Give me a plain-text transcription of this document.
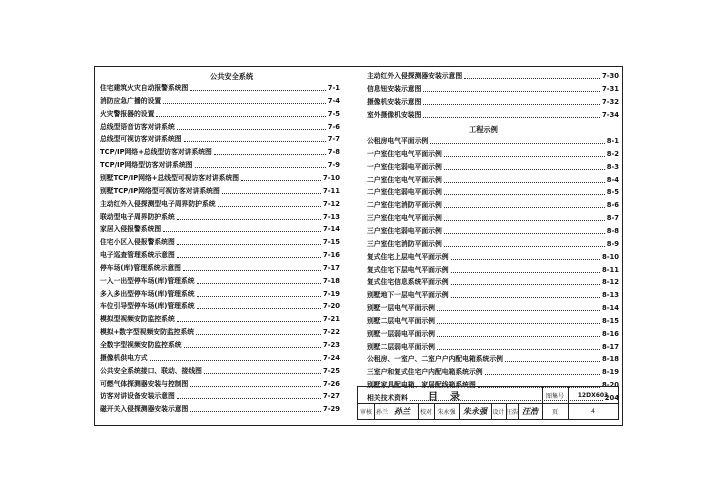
公共安全系统
住宅建筑火灾自动报警系统图	7-1
消防应急广播的设置	7-4
火灾警报器的设置	7-5
总线型语音访客对讲系统	7-6
总线型可视访客对讲系统图	7-7
TCP/IP网络+总线型访客对讲系统图	7-8
TCP/IP网络型访客对讲系统图	7-9
别墅TCP/IP网络+总线型可视访客对讲系统图	7-10
别墅TCP/IP网络型可视访客对讲系统图	7-11
主动红外入侵探测型电子周界防护系统	7-12
联动型电子周界防护系统	7-13
家居入侵报警系统图	7-14
住宅小区入侵报警系统图	7-15
电子巡查管理系统示意图	7-16
停车场(库)管理系统示意图	7-17
一入一出型停车场(库)管理系统	7-18
多入多出型停车场(库)管理系统	7-19
车位引导型停车场(库)管理系统	7-20
模拟型视频安防监控系统	7-21
模拟+数字型视频安防监控系统	7-22
全数字型视频安防监控系统	7-23
摄像机供电方式	7-24
公共安全系统接口、联动、接线图	7-25
可燃气体探测器安装与控制图	7-26
访客对讲设备安装示意图	7-27
磁开关入侵探测器安装示意图	7-29
主动红外入侵探测器安装示意图	7-30
信息钮安装示意图	7-31
摄像机安装示意图	7-32
室外摄像机安装图	7-34
工程示例
公租房电气平面示例	8-1
一户室住宅电气平面示例	8-2
一户室住宅弱电平面示例	8-3
二户室住宅电气平面示例	8-4
二户室住宅弱电平面示例	8-5
二户室住宅消防平面示例	8-6
三户室住宅电气平面示例	8-7
三户室住宅弱电平面示例	8-8
三户室住宅消防平面示例	8-9
复式住宅上层电气平面示例	8-10
复式住宅下层电气平面示例	8-11
复式住宅信息系统平面示例	8-12
别墅地下一层电气平面示例	8-13
别墅一层电气平面示例	8-14
别墅二层电气平面示例	8-15
别墅一层弱电平面示例	8-16
别墅二层弱电平面示例	8-17
公租房、一室户、二室户户内配电箱系统示例	8-18
三室户和复式住宅户内配电箱系统示例	8-19
别墅家具配电箱、家居配线箱系统图	8-20
相关技术资料	204
目录	图集号	12DX603
审核 孙兰 孙兰	校对 朱永强 朱永强 设计 汪浩 汪浩	页	4
